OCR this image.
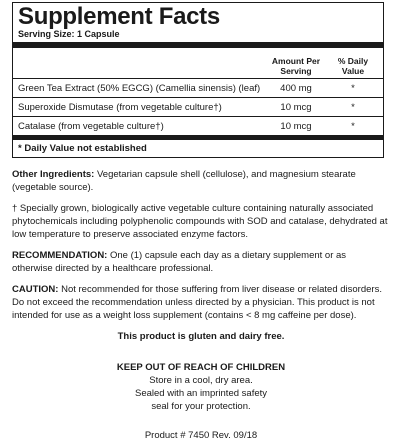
Supplement Facts
Serving Size: 1 Capsule
Amount Per Serving
% Daily Value
Green Tea Extract (50% EGCG) (Camellia sinensis) (leaf)	400 mg	*
Superoxide Dismutase (from vegetable culture†)	10 mcg	*
Catalase (from vegetable culture†)	10 mcg	*
* Daily Value not established

Other Ingredients: Vegetarian capsule shell (cellulose), and magnesium stearate (vegetable source).

† Specially grown, biologically active vegetable culture containing naturally associated phytochemicals including polyphenolic compounds with SOD and catalase, dehydrated at low temperature to preserve associated enzyme factors.

RECOMMENDATION: One (1) capsule each day as a dietary supplement or as otherwise directed by a healthcare professional.

CAUTION: Not recommended for those suffering from liver disease or related disorders. Do not exceed the recommendation unless directed by a physician. This product is not intended for use as a weight loss supplement (contains < 8 mg caffeine per dose).

This product is gluten and dairy free.
KEEP OUT OF REACH OF CHILDREN
Store in a cool, dry area.
Sealed with an imprinted safety
seal for your protection.
Product # 7450 Rev. 09/18
